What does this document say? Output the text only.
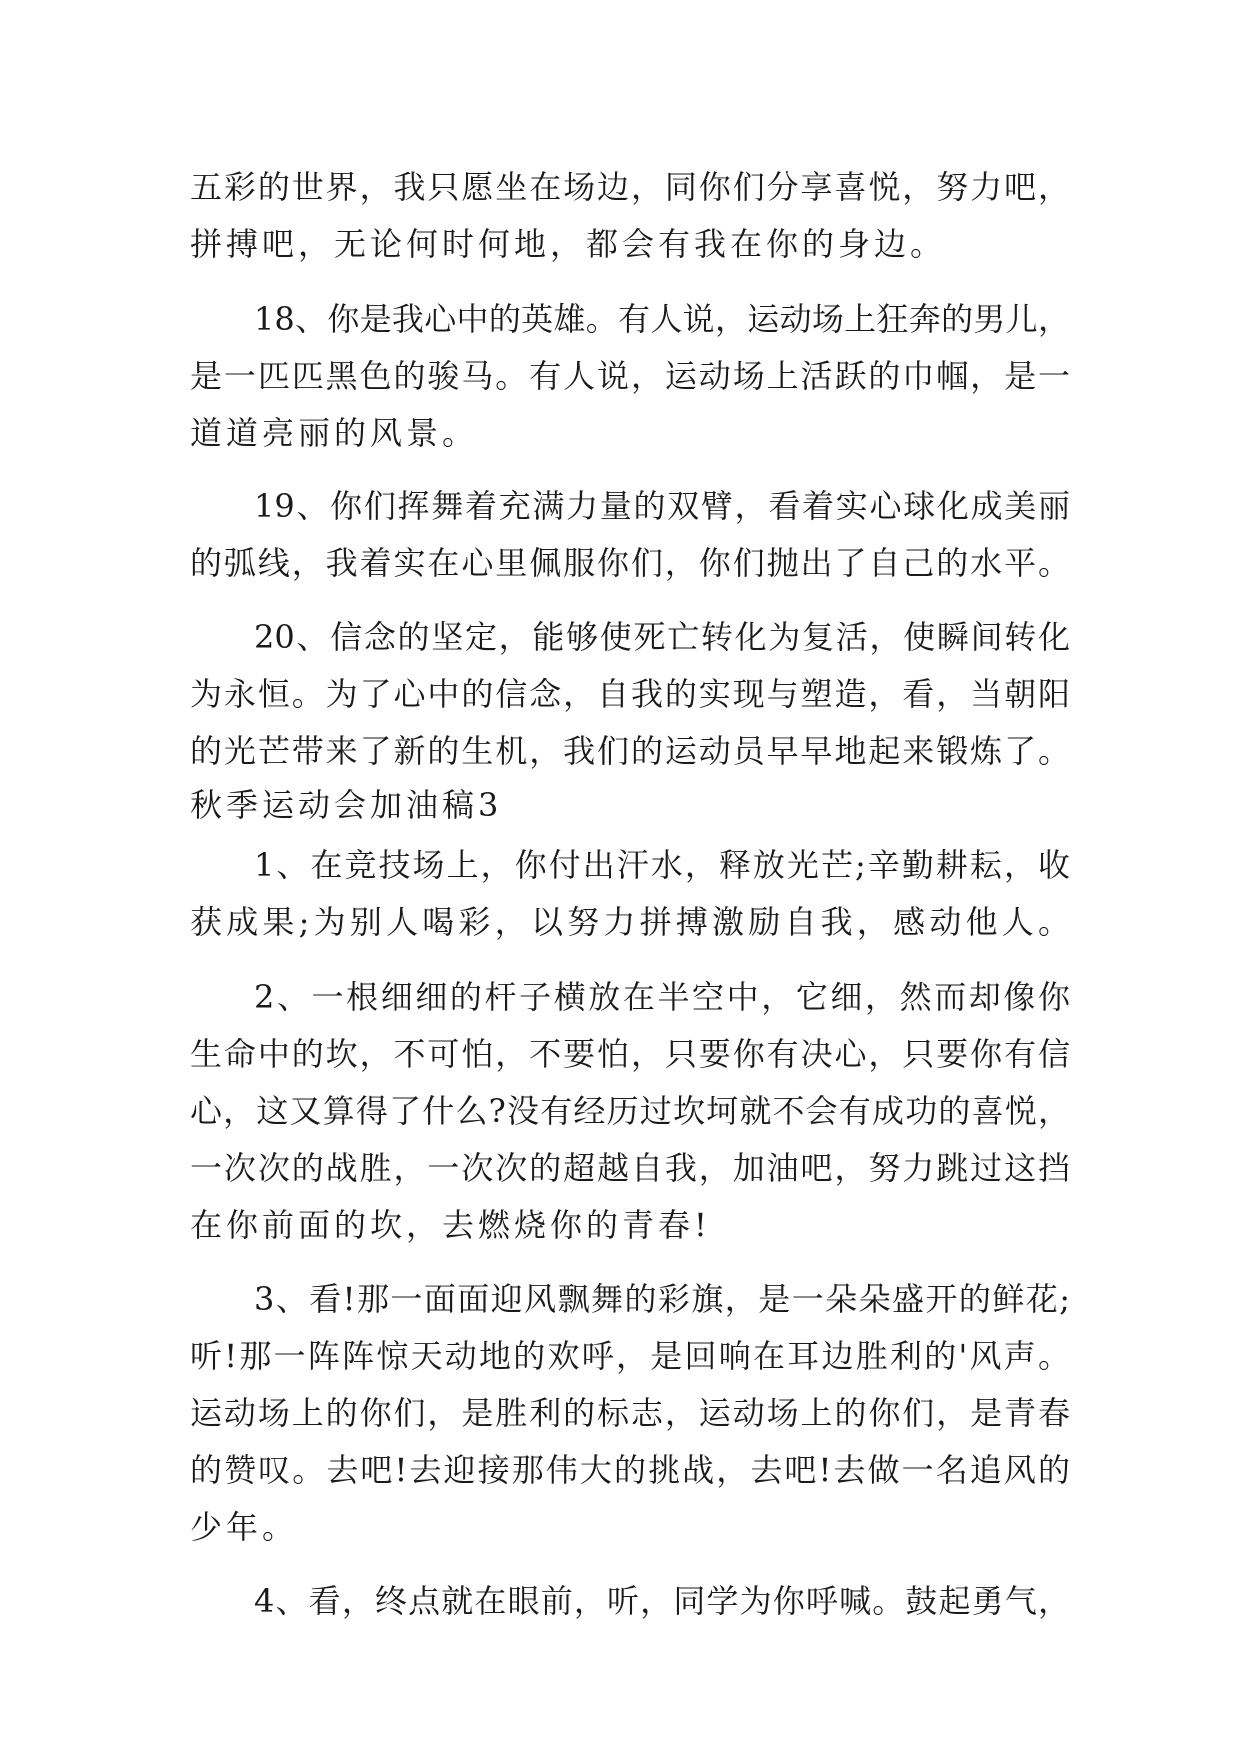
五彩的世界，我只愿坐在场边，同你们分享喜悦，努力吧，
拼搏吧，无论何时何地，都会有我在你的身边。
18、你是我心中的英雄。有人说，运动场上狂奔的男儿，
是一匹匹黑色的骏马。有人说，运动场上活跃的巾帼，是一
道道亮丽的风景。
19、你们挥舞着充满力量的双臂，看着实心球化成美丽
的弧线，我着实在心里佩服你们，你们抛出了自己的水平。
20、信念的坚定，能够使死亡转化为复活，使瞬间转化
为永恒。为了心中的信念，自我的实现与塑造，看，当朝阳
的光芒带来了新的生机，我们的运动员早早地起来锻炼了。
秋季运动会加油稿3
1、在竞技场上，你付出汗水，释放光芒;辛勤耕耘，收
获成果;为别人喝彩，以努力拼搏激励自我，感动他人。
2、一根细细的杆子横放在半空中，它细，然而却像你
生命中的坎，不可怕，不要怕，只要你有决心，只要你有信
心，这又算得了什么?没有经历过坎坷就不会有成功的喜悦，
一次次的战胜，一次次的超越自我，加油吧，努力跳过这挡
在你前面的坎，去燃烧你的青春!
3、看!那一面面迎风飘舞的彩旗，是一朵朵盛开的鲜花;
听!那一阵阵惊天动地的欢呼，是回响在耳边胜利的'风声。
运动场上的你们，是胜利的标志，运动场上的你们，是青春
的赞叹。去吧!去迎接那伟大的挑战，去吧!去做一名追风的
少年。
4、看，终点就在眼前，听，同学为你呼喊。鼓起勇气，
